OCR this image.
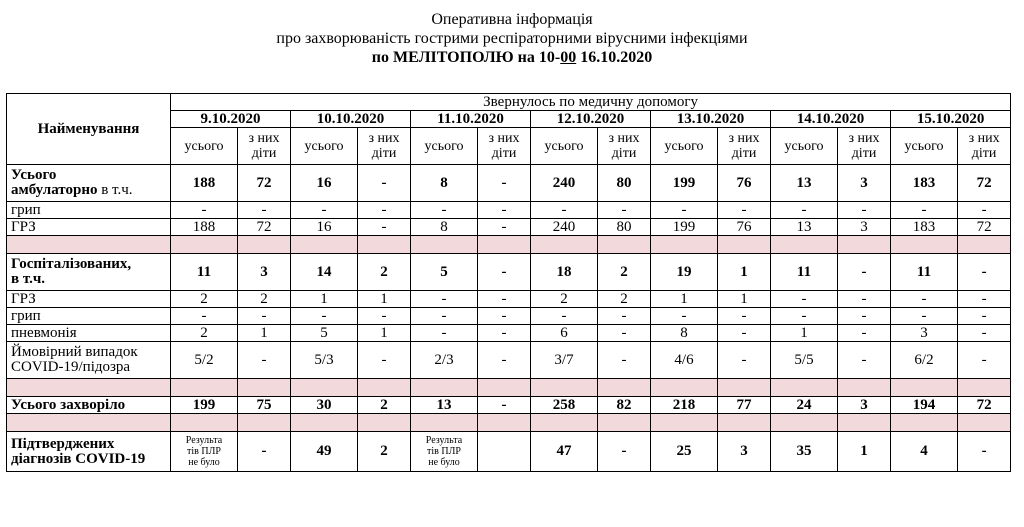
Оперативна інформація
про захворюваність гострими респіраторними вірусними інфекціями
по МЕЛІТОПОЛЮ на 10-00 16.10.2020
Найменування	Звернулось по медичну допомогу													
	9.10.2020		10.10.2020		11.10.2020		12.10.2020		13.10.2020		14.10.2020		15.10.2020	
	усього	з них діти	усього	з них діти	усього	з них діти	усього	з них діти	усього	з них діти	усього	з них діти	усього	з них діти
Усього
амбулаторно в т.ч.	188	72	16	-	8	-	240	80	199	76	13	3	183	72
грип	-	-	-	-	-	-	-	-	-	-	-	-	-	-
ГРЗ	188	72	16	-	8	-	240	80	199	76	13	3	183	72

Госпіталізованих,
в т.ч.	11	3	14	2	5	-	18	2	19	1	11	-	11	-
ГРЗ	2	2	1	1	-	-	2	2	1	1	-	-	-	-
грип	-	-	-	-	-	-	-	-	-	-	-	-	-	-
пневмонія	2	1	5	1	-	-	6	-	8	-	1	-	3	-
Ймовірний випадок
COVID-19/підозра	5/2	-	5/3	-	2/3	-	3/7	-	4/6	-	5/5	-	6/2	-

Усього захворіло	199	75	30	2	13	-	258	82	218	77	24	3	194	72

Підтверджених
діагнозів COVID-19	Результа
тів ПЛР
не було	-	49	2	Результа
тів ПЛР
не було		47	-	25	3	35	1	4	-
